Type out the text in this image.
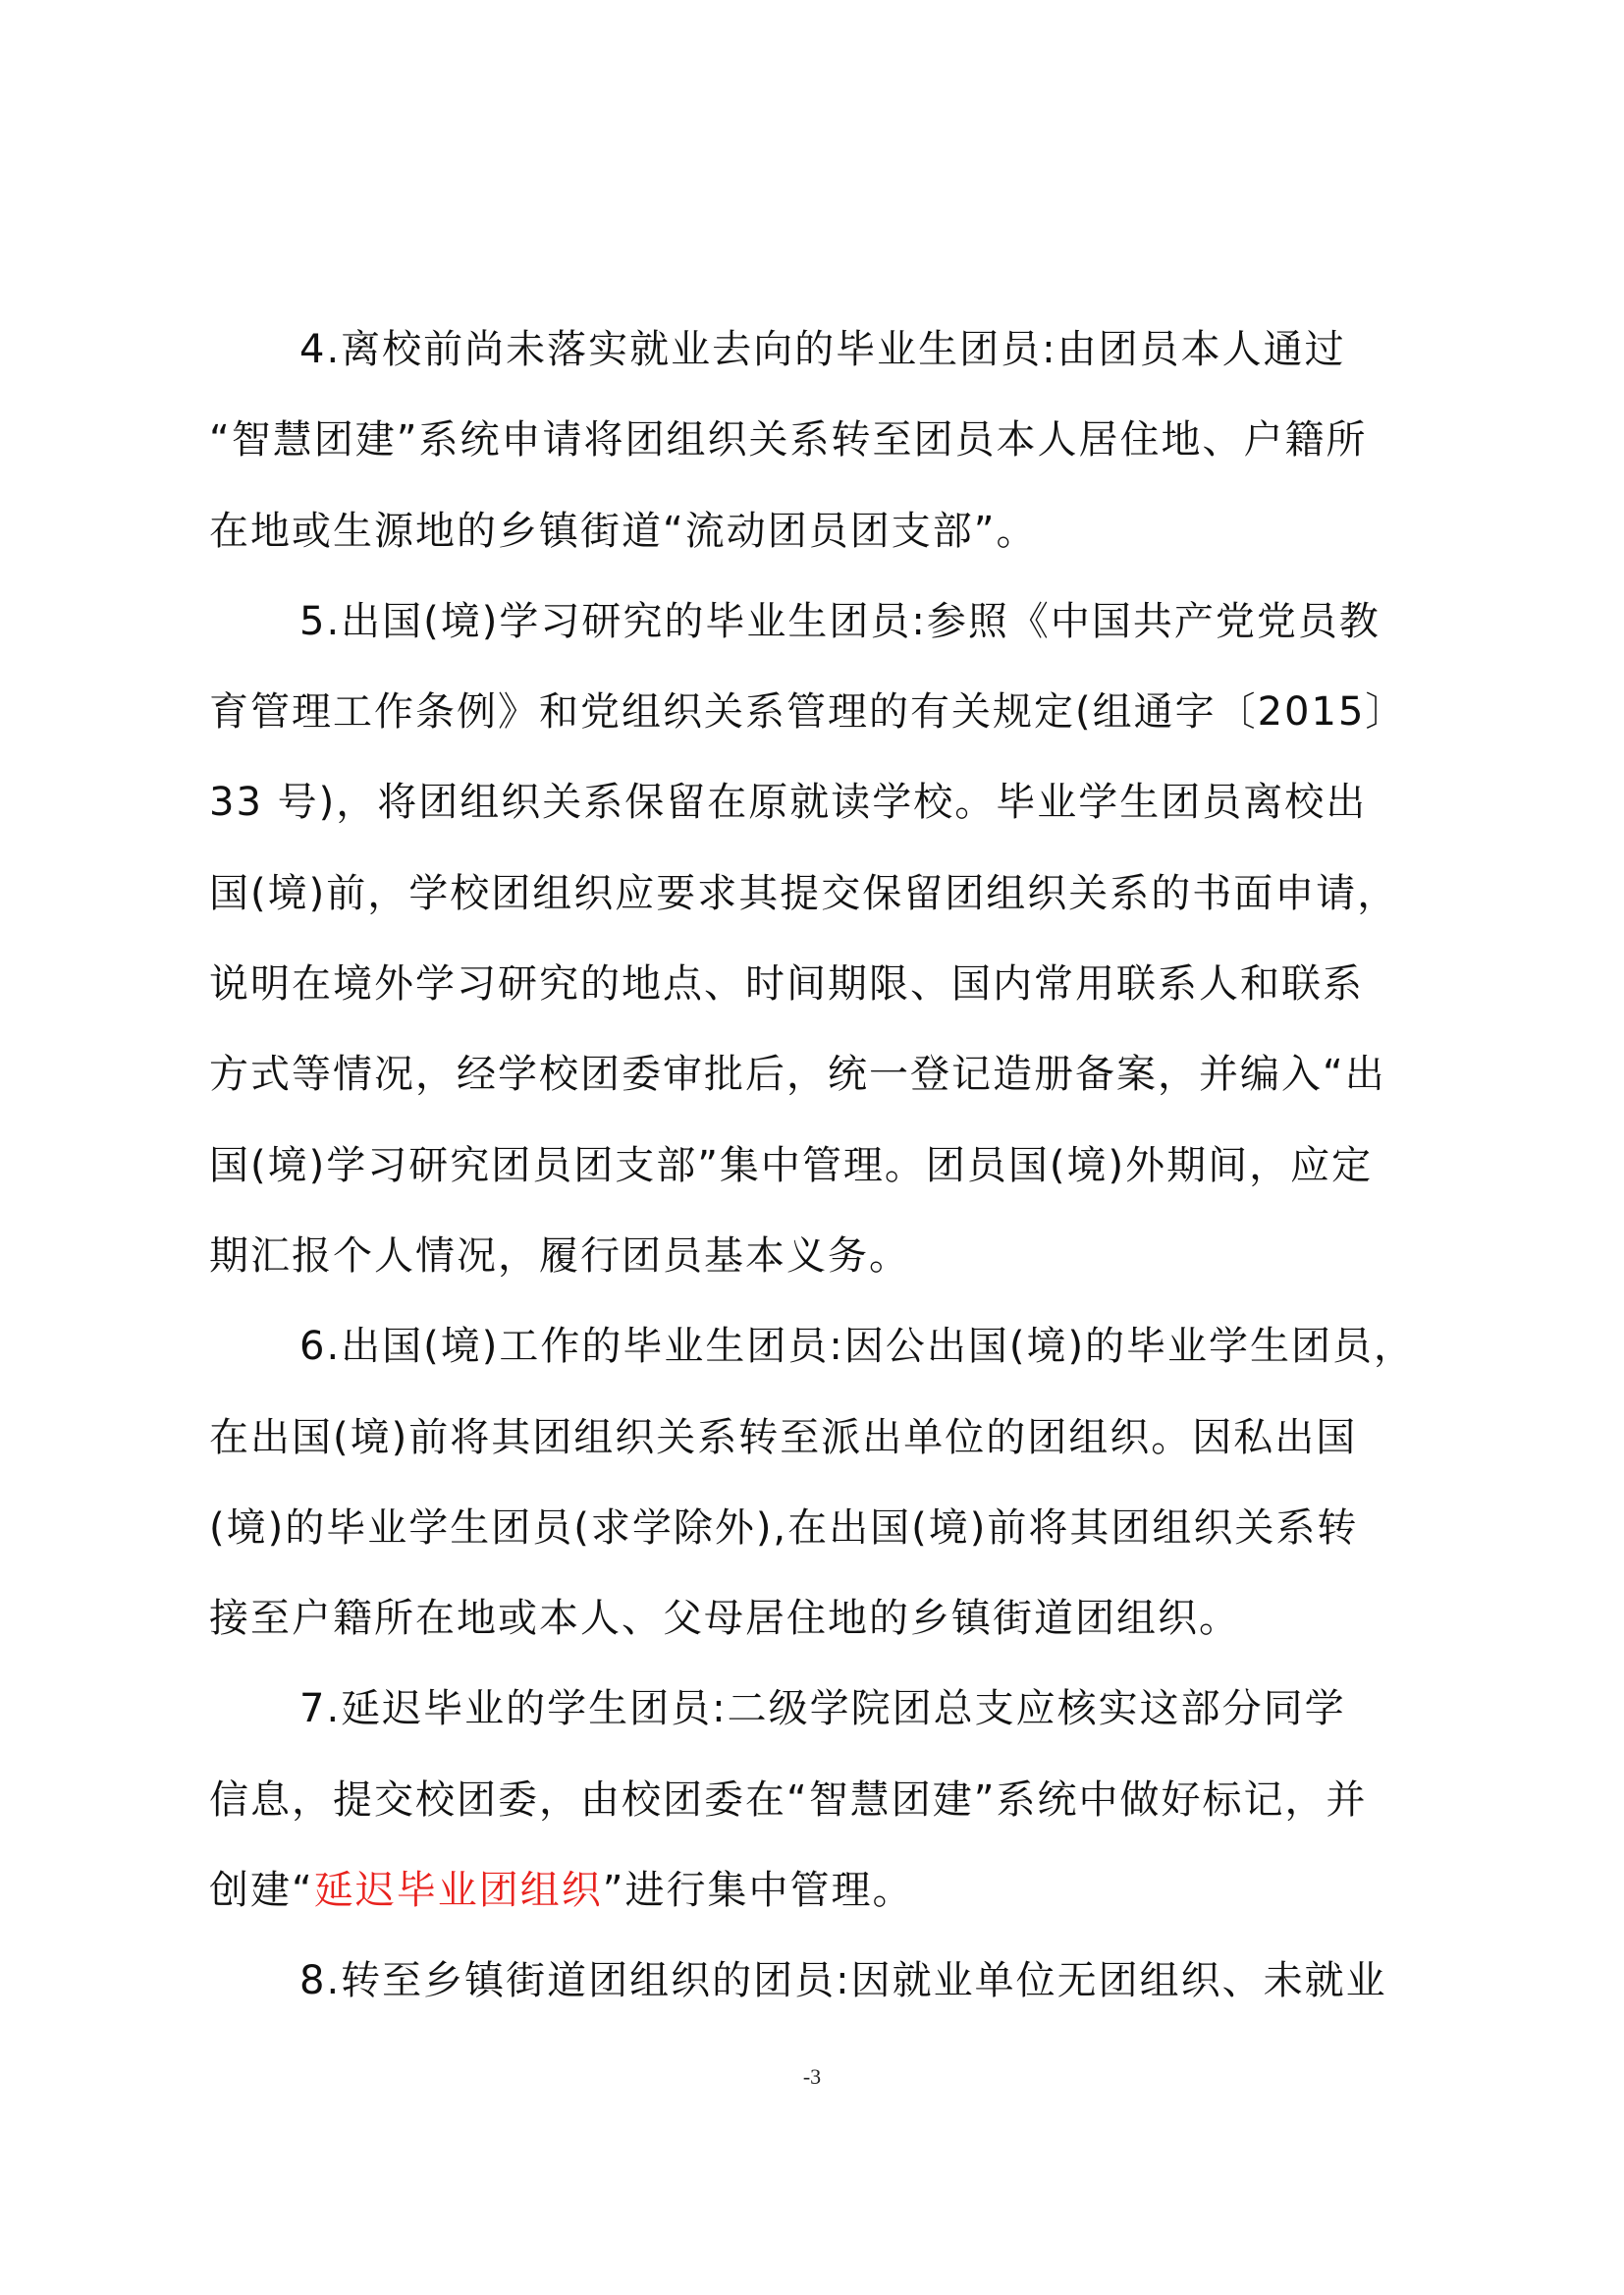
4.离校前尚未落实就业去向的毕业生团员:由团员本人通过
“智慧团建”系统申请将团组织关系转至团员本人居住地、户籍所
在地或生源地的乡镇街道“流动团员团支部”。
5.出国(境)学习研究的毕业生团员:参照《中国共产党党员教
育管理工作条例》和党组织关系管理的有关规定(组通字〔2015〕
33 号)，将团组织关系保留在原就读学校。毕业学生团员离校出
国(境)前，学校团组织应要求其提交保留团组织关系的书面申请，
说明在境外学习研究的地点、时间期限、国内常用联系人和联系
方式等情况，经学校团委审批后，统一登记造册备案，并编入“出
国(境)学习研究团员团支部”集中管理。团员国(境)外期间，应定
期汇报个人情况，履行团员基本义务。
6.出国(境)工作的毕业生团员:因公出国(境)的毕业学生团员，
在出国(境)前将其团组织关系转至派出单位的团组织。因私出国
(境)的毕业学生团员(求学除外),在出国(境)前将其团组织关系转
接至户籍所在地或本人、父母居住地的乡镇街道团组织。
7.延迟毕业的学生团员:二级学院团总支应核实这部分同学
信息，提交校团委，由校团委在“智慧团建”系统中做好标记，并
创建“延迟毕业团组织”进行集中管理。
8.转至乡镇街道团组织的团员:因就业单位无团组织、未就业
-3
